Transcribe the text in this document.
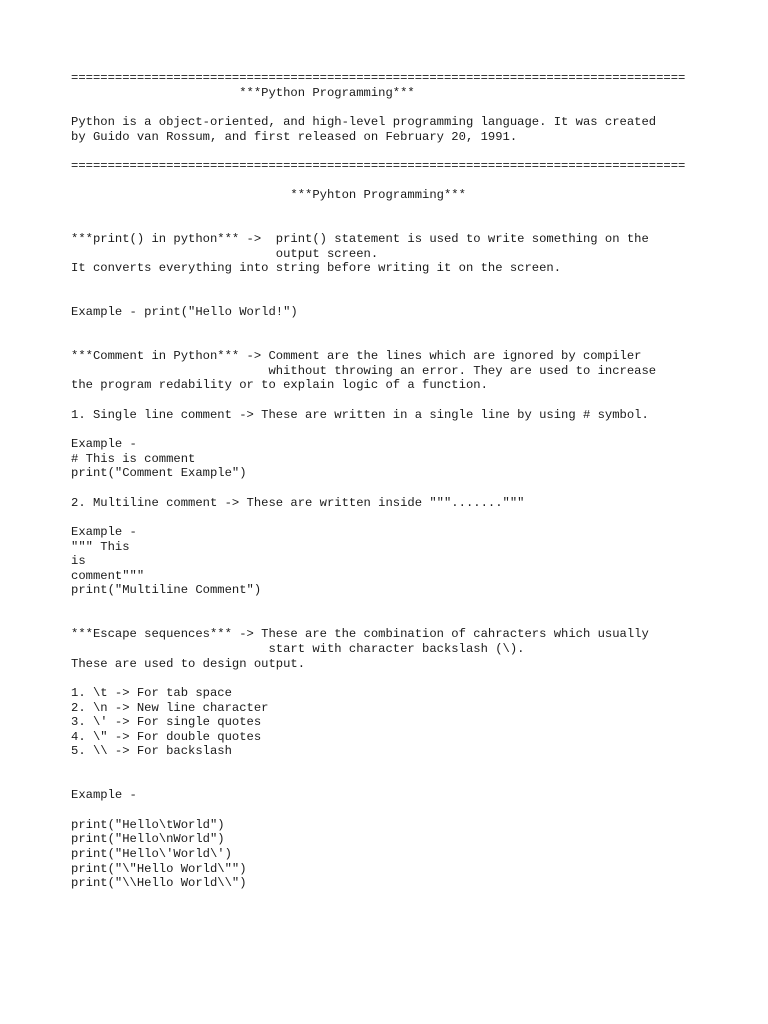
====================================================================================
***Python Programming***
Python is a object-oriented, and high-level programming language. It was created
by Guido van Rossum, and first released on February 20, 1991.
====================================================================================
***Pyhton Programming***
***print() in python*** ->  print() statement is used to write something on the
output screen.
It converts everything into string before writing it on the screen.
Example - print("Hello World!")
***Comment in Python*** -> Comment are the lines which are ignored by compiler
whithout throwing an error. They are used to increase
the program redability or to explain logic of a function.
1. Single line comment -> These are written in a single line by using # symbol.
Example -
# This is comment
print("Comment Example")
2. Multiline comment -> These are written inside """......."""
Example -
""" This
is
comment"""
print("Multiline Comment")
***Escape sequences*** -> These are the combination of cahracters which usually
start with character backslash (\).
These are used to design output.
1. \t -> For tab space
2. \n -> New line character
3. \' -> For single quotes
4. \" -> For double quotes
5. \\ -> For backslash
Example -
print("Hello\tWorld")
print("Hello\nWorld")
print("Hello\'World\')
print("\"Hello World\"")
print("\\Hello World\\")
